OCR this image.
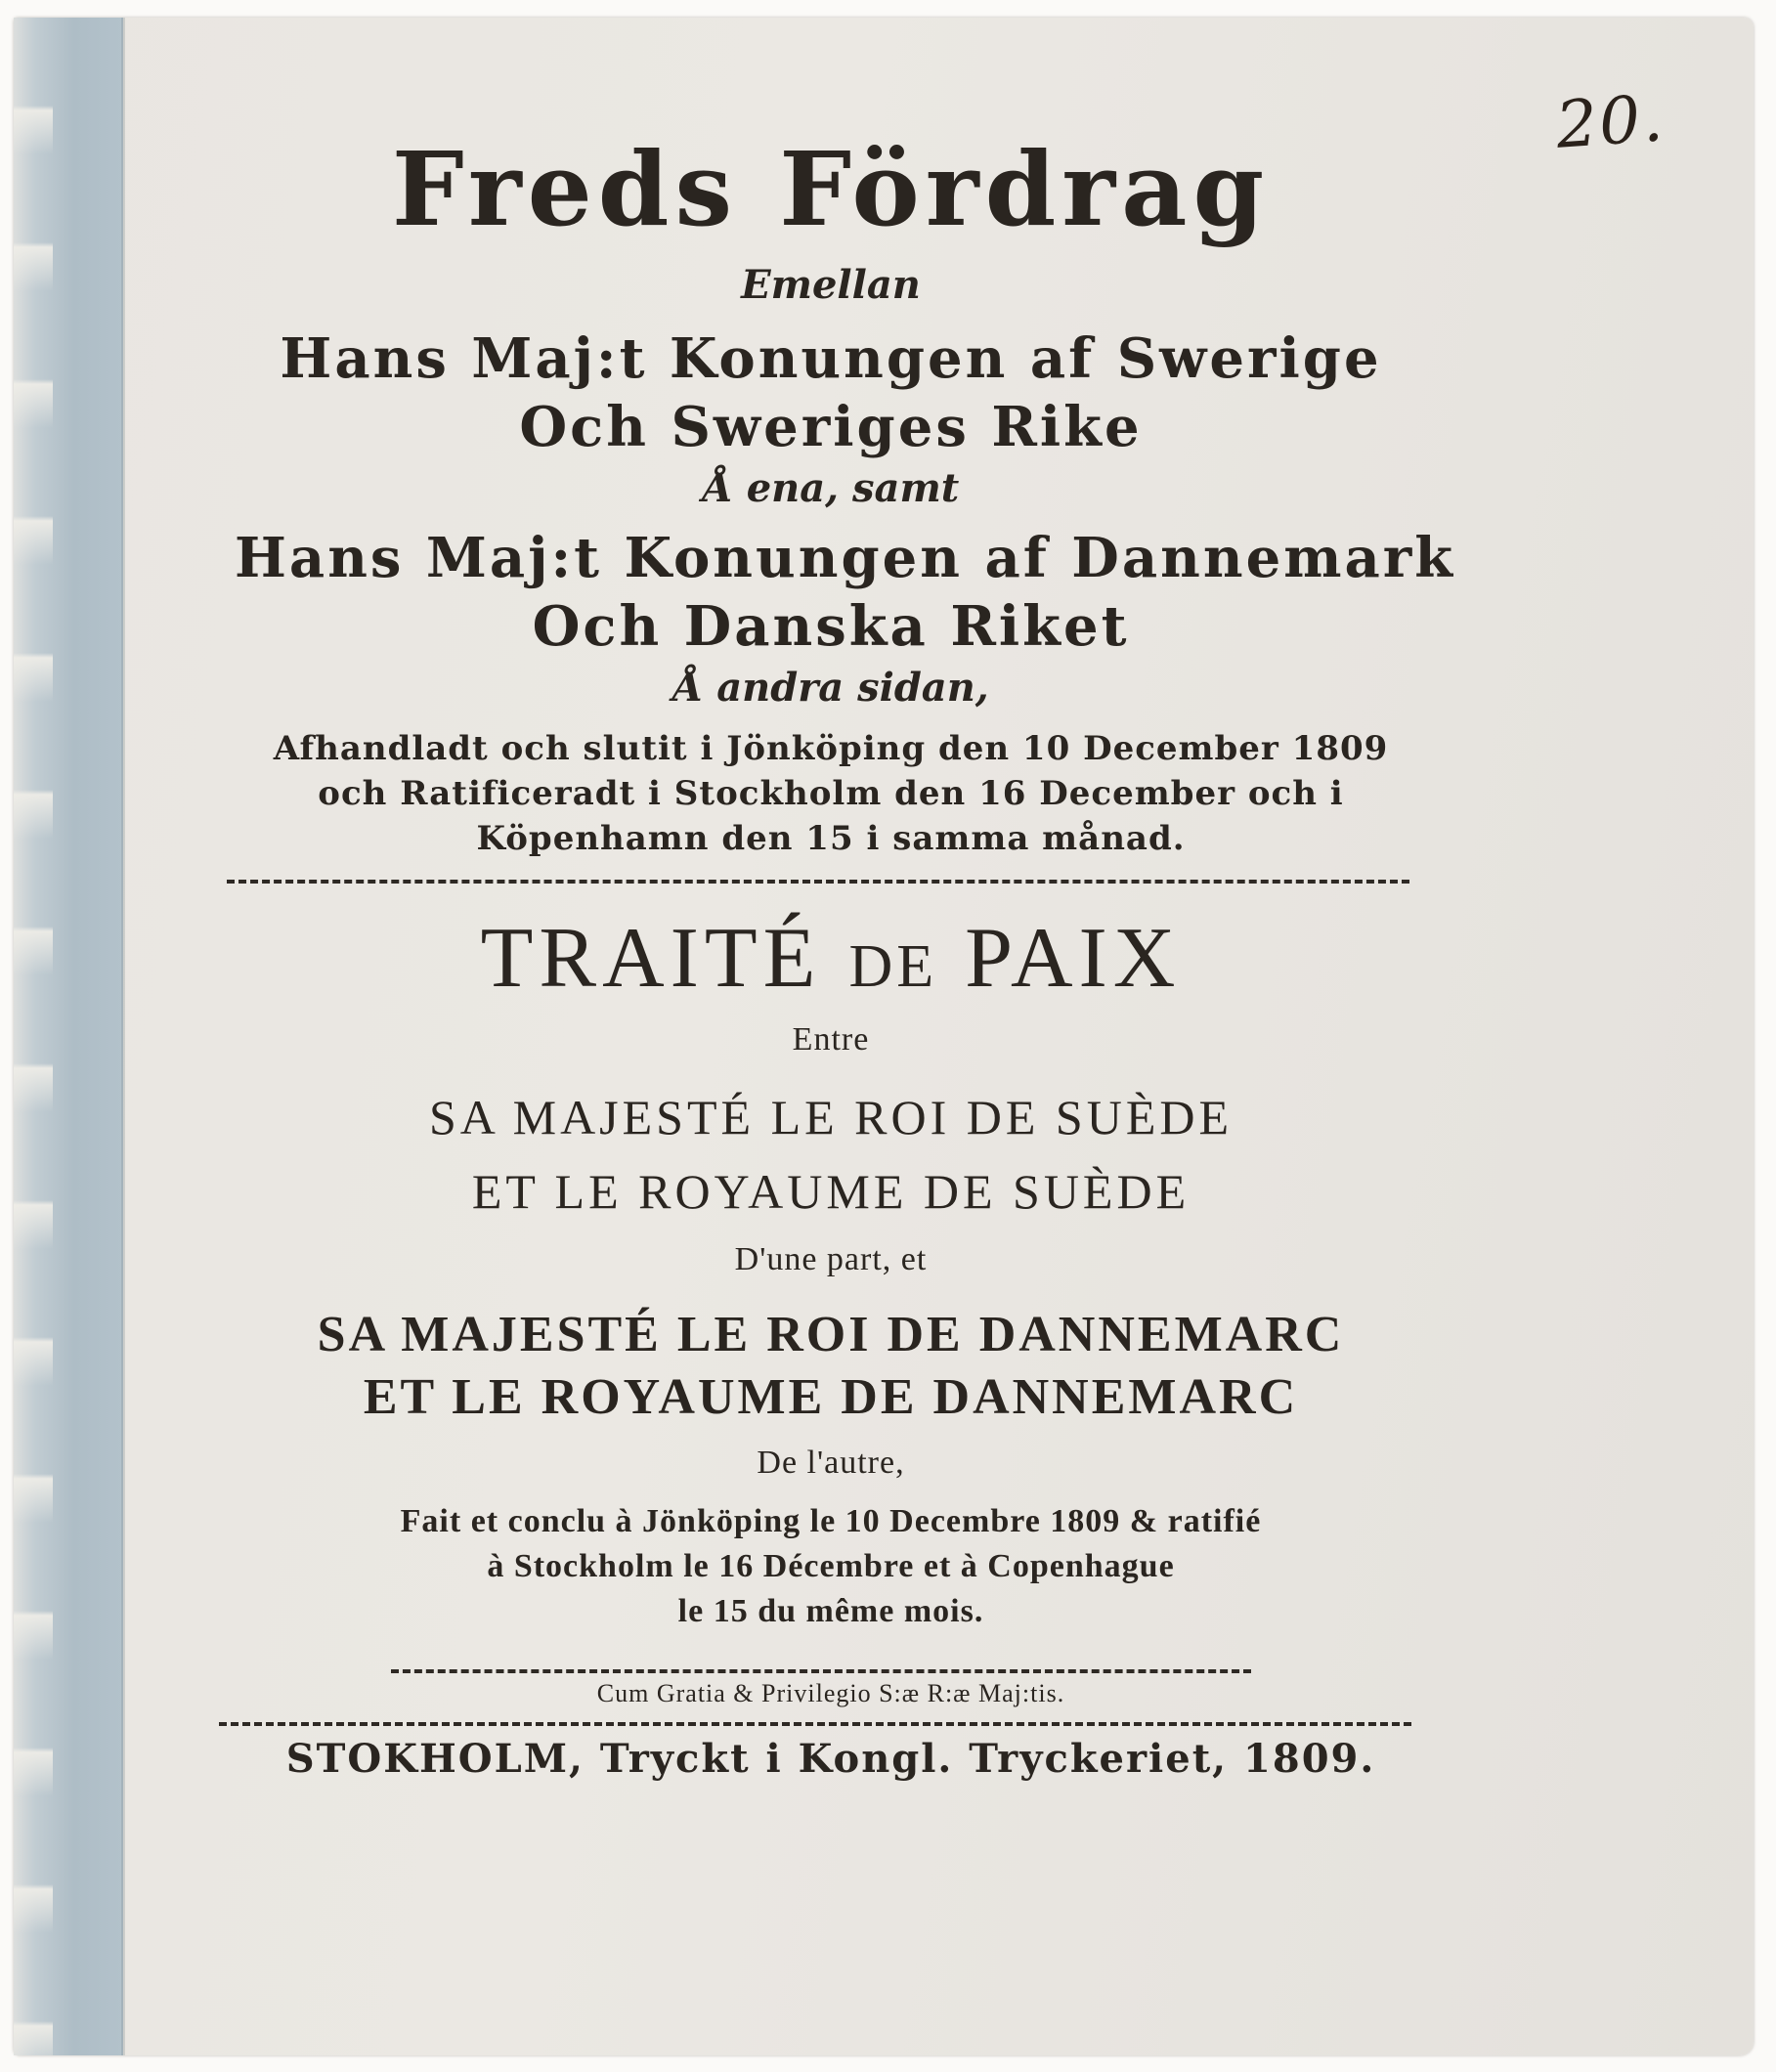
20.
Freds Fördrag
Emellan
Hans Maj:t Konungen af Swerige
Och Sweriges Rike
Å ena, samt
Hans Maj:t Konungen af Dannemark
Och Danska Riket
Å andra sidan,
Afhandladt och slutit i Jönköping den 10 December 1809
och Ratificeradt i Stockholm den 16 December och i
Köpenhamn den 15 i samma månad.
TRAITÉ DE PAIX
Entre
SA MAJESTÉ LE ROI DE SUÈDE
ET LE ROYAUME DE SUÈDE
D'une part, et
SA MAJESTÉ LE ROI DE DANNEMARC
ET LE ROYAUME DE DANNEMARC
De l'autre,
Fait et conclu à Jönköping le 10 Decembre 1809 & ratifié
à Stockholm le 16 Décembre et à Copenhague
le 15 du même mois.
Cum Gratia & Privilegio S:æ R:æ Maj:tis.
STOKHOLM, Tryckt i Kongl. Tryckeriet, 1809.
